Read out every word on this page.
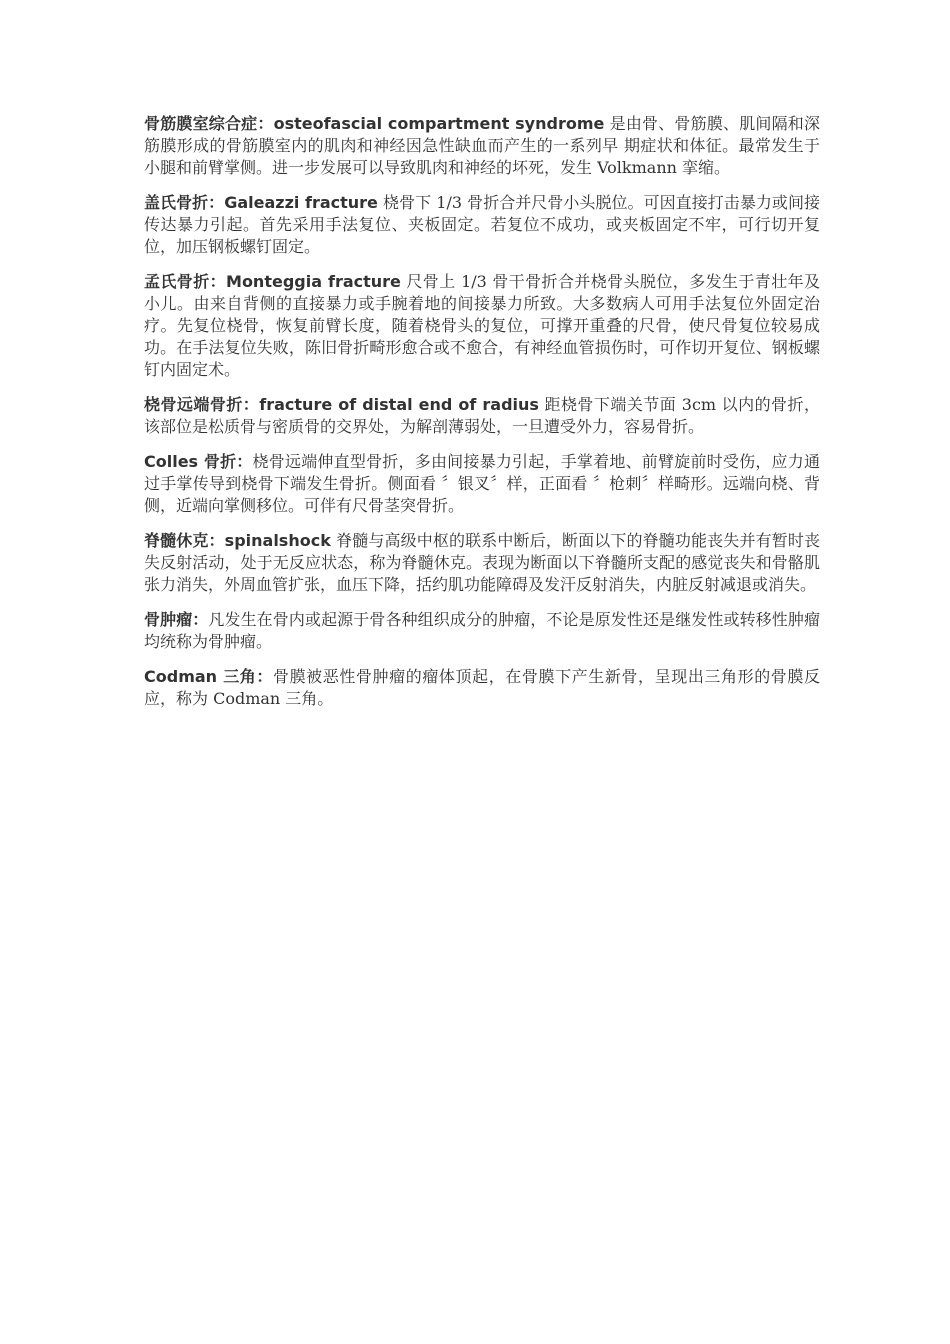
骨筋膜室综合症：osteofascial compartment syndrome 是由骨、骨筋膜、肌间隔和深筋膜形成的骨筋膜室内的肌肉和神经因急性缺血而产生的一系列早 期症状和体征。最常发生于小腿和前臂掌侧。进一步发展可以导致肌肉和神经的坏死，发生 Volkmann 挛缩。

盖氏骨折：Galeazzi fracture 桡骨下 1/3 骨折合并尺骨小头脱位。可因直接打击暴力或间接传达暴力引起。首先采用手法复位、夹板固定。若复位不成功，或夹板固定不牢，可行切开复位，加压钢板螺钉固定。

孟氏骨折：Monteggia fracture 尺骨上 1/3 骨干骨折合并桡骨头脱位，多发生于青壮年及小儿。由来自背侧的直接暴力或手腕着地的间接暴力所致。大多数病人可用手法复位外固定治疗。先复位桡骨，恢复前臂长度，随着桡骨头的复位，可撑开重叠的尺骨，使尺骨复位较易成功。在手法复位失败，陈旧骨折畸形愈合或不愈合，有神经血管损伤时，可作切开复位、钢板螺钉内固定术。

桡骨远端骨折：fracture of distal end of radius 距桡骨下端关节面 3cm 以内的骨折，该部位是松质骨与密质骨的交界处，为解剖薄弱处，一旦遭受外力，容易骨折。

Colles 骨折：桡骨远端伸直型骨折，多由间接暴力引起，手掌着地、前臂旋前时受伤，应力通过手掌传导到桡骨下端发生骨折。侧面看 〞银叉〞样，正面看 〞枪刺〞样畸形。远端向桡、背侧，近端向掌侧移位。可伴有尺骨茎突骨折。

脊髓休克：spinalshock 脊髓与高级中枢的联系中断后，断面以下的脊髓功能丧失并有暂时丧失反射活动，处于无反应状态，称为脊髓休克。表现为断面以下脊髓所支配的感觉丧失和骨骼肌张力消失，外周血管扩张，血压下降，括约肌功能障碍及发汗反射消失，内脏反射减退或消失。

骨肿瘤：凡发生在骨内或起源于骨各种组织成分的肿瘤，不论是原发性还是继发性或转移性肿瘤均统称为骨肿瘤。

Codman 三角：骨膜被恶性骨肿瘤的瘤体顶起，在骨膜下产生新骨，呈现出三角形的骨膜反应，称为 Codman 三角。
